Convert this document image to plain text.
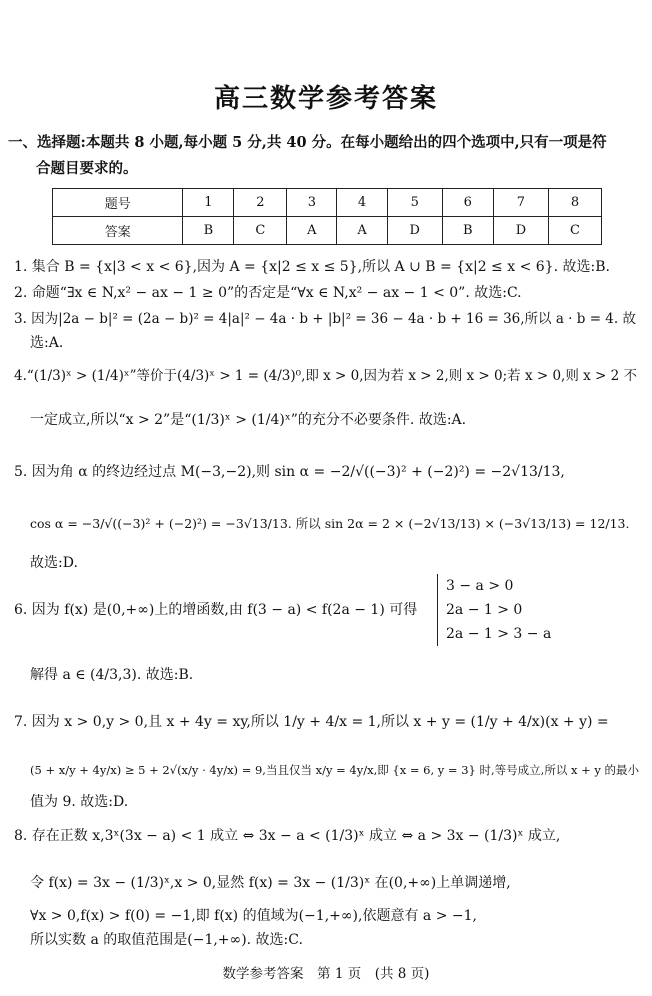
高三数学参考答案
一、选择题:本题共 8 小题,每小题 5 分,共 40 分。在每小题给出的四个选项中,只有一项是符
合题目要求的。
题号	1	2	3	4	5	6	7	8
答案	B	C	A	A	D	B	D	C
1. 集合 B = {x|3 < x < 6},因为 A = {x|2 ≤ x ≤ 5},所以 A ∪ B = {x|2 ≤ x < 6}. 故选:B.
2. 命题“∃x ∈ N,x² − ax − 1 ≥ 0”的否定是“∀x ∈ N,x² − ax − 1 < 0”. 故选:C.
3. 因为|2a − b|² = (2a − b)² = 4|a|² − 4a · b + |b|² = 36 − 4a · b + 16 = 36,所以 a · b = 4. 故
选:A.
4.“(1/3)ˣ > (1/4)ˣ”等价于(4/3)ˣ > 1 = (4/3)⁰,即 x > 0,因为若 x > 2,则 x > 0;若 x > 0,则 x > 2 不
一定成立,所以“x > 2”是“(1/3)ˣ > (1/4)ˣ”的充分不必要条件. 故选:A.
5. 因为角 α 的终边经过点 M(−3,−2),则 sin α = −2/√((−3)² + (−2)²) = −2√13/13,
cos α = −3/√((−3)² + (−2)²) = −3√13/13. 所以 sin 2α = 2 × (−2√13/13) × (−3√13/13) = 12/13.
故选:D.
6. 因为 f(x) 是(0,+∞)上的增函数,由 f(3 − a) < f(2a − 1) 可得
3 − a > 0
2a − 1 > 0
2a − 1 > 3 − a
解得 a ∈ (4/3,3). 故选:B.
7. 因为 x > 0,y > 0,且 x + 4y = xy,所以 1/y + 4/x = 1,所以 x + y = (1/y + 4/x)(x + y) =
(5 + x/y + 4y/x) ≥ 5 + 2√(x/y · 4y/x) = 9,当且仅当 x/y = 4y/x,即 {x = 6, y = 3} 时,等号成立,所以 x + y 的最小
值为 9. 故选:D.
8. 存在正数 x,3ˣ(3x − a) < 1 成立 ⇔ 3x − a < (1/3)ˣ 成立 ⇔ a > 3x − (1/3)ˣ 成立,
令 f(x) = 3x − (1/3)ˣ,x > 0,显然 f(x) = 3x − (1/3)ˣ 在(0,+∞)上单调递增,
∀x > 0,f(x) > f(0) = −1,即 f(x) 的值域为(−1,+∞),依题意有 a > −1,
所以实数 a 的取值范围是(−1,+∞). 故选:C.
数学参考答案　第 1 页　(共 8 页)
